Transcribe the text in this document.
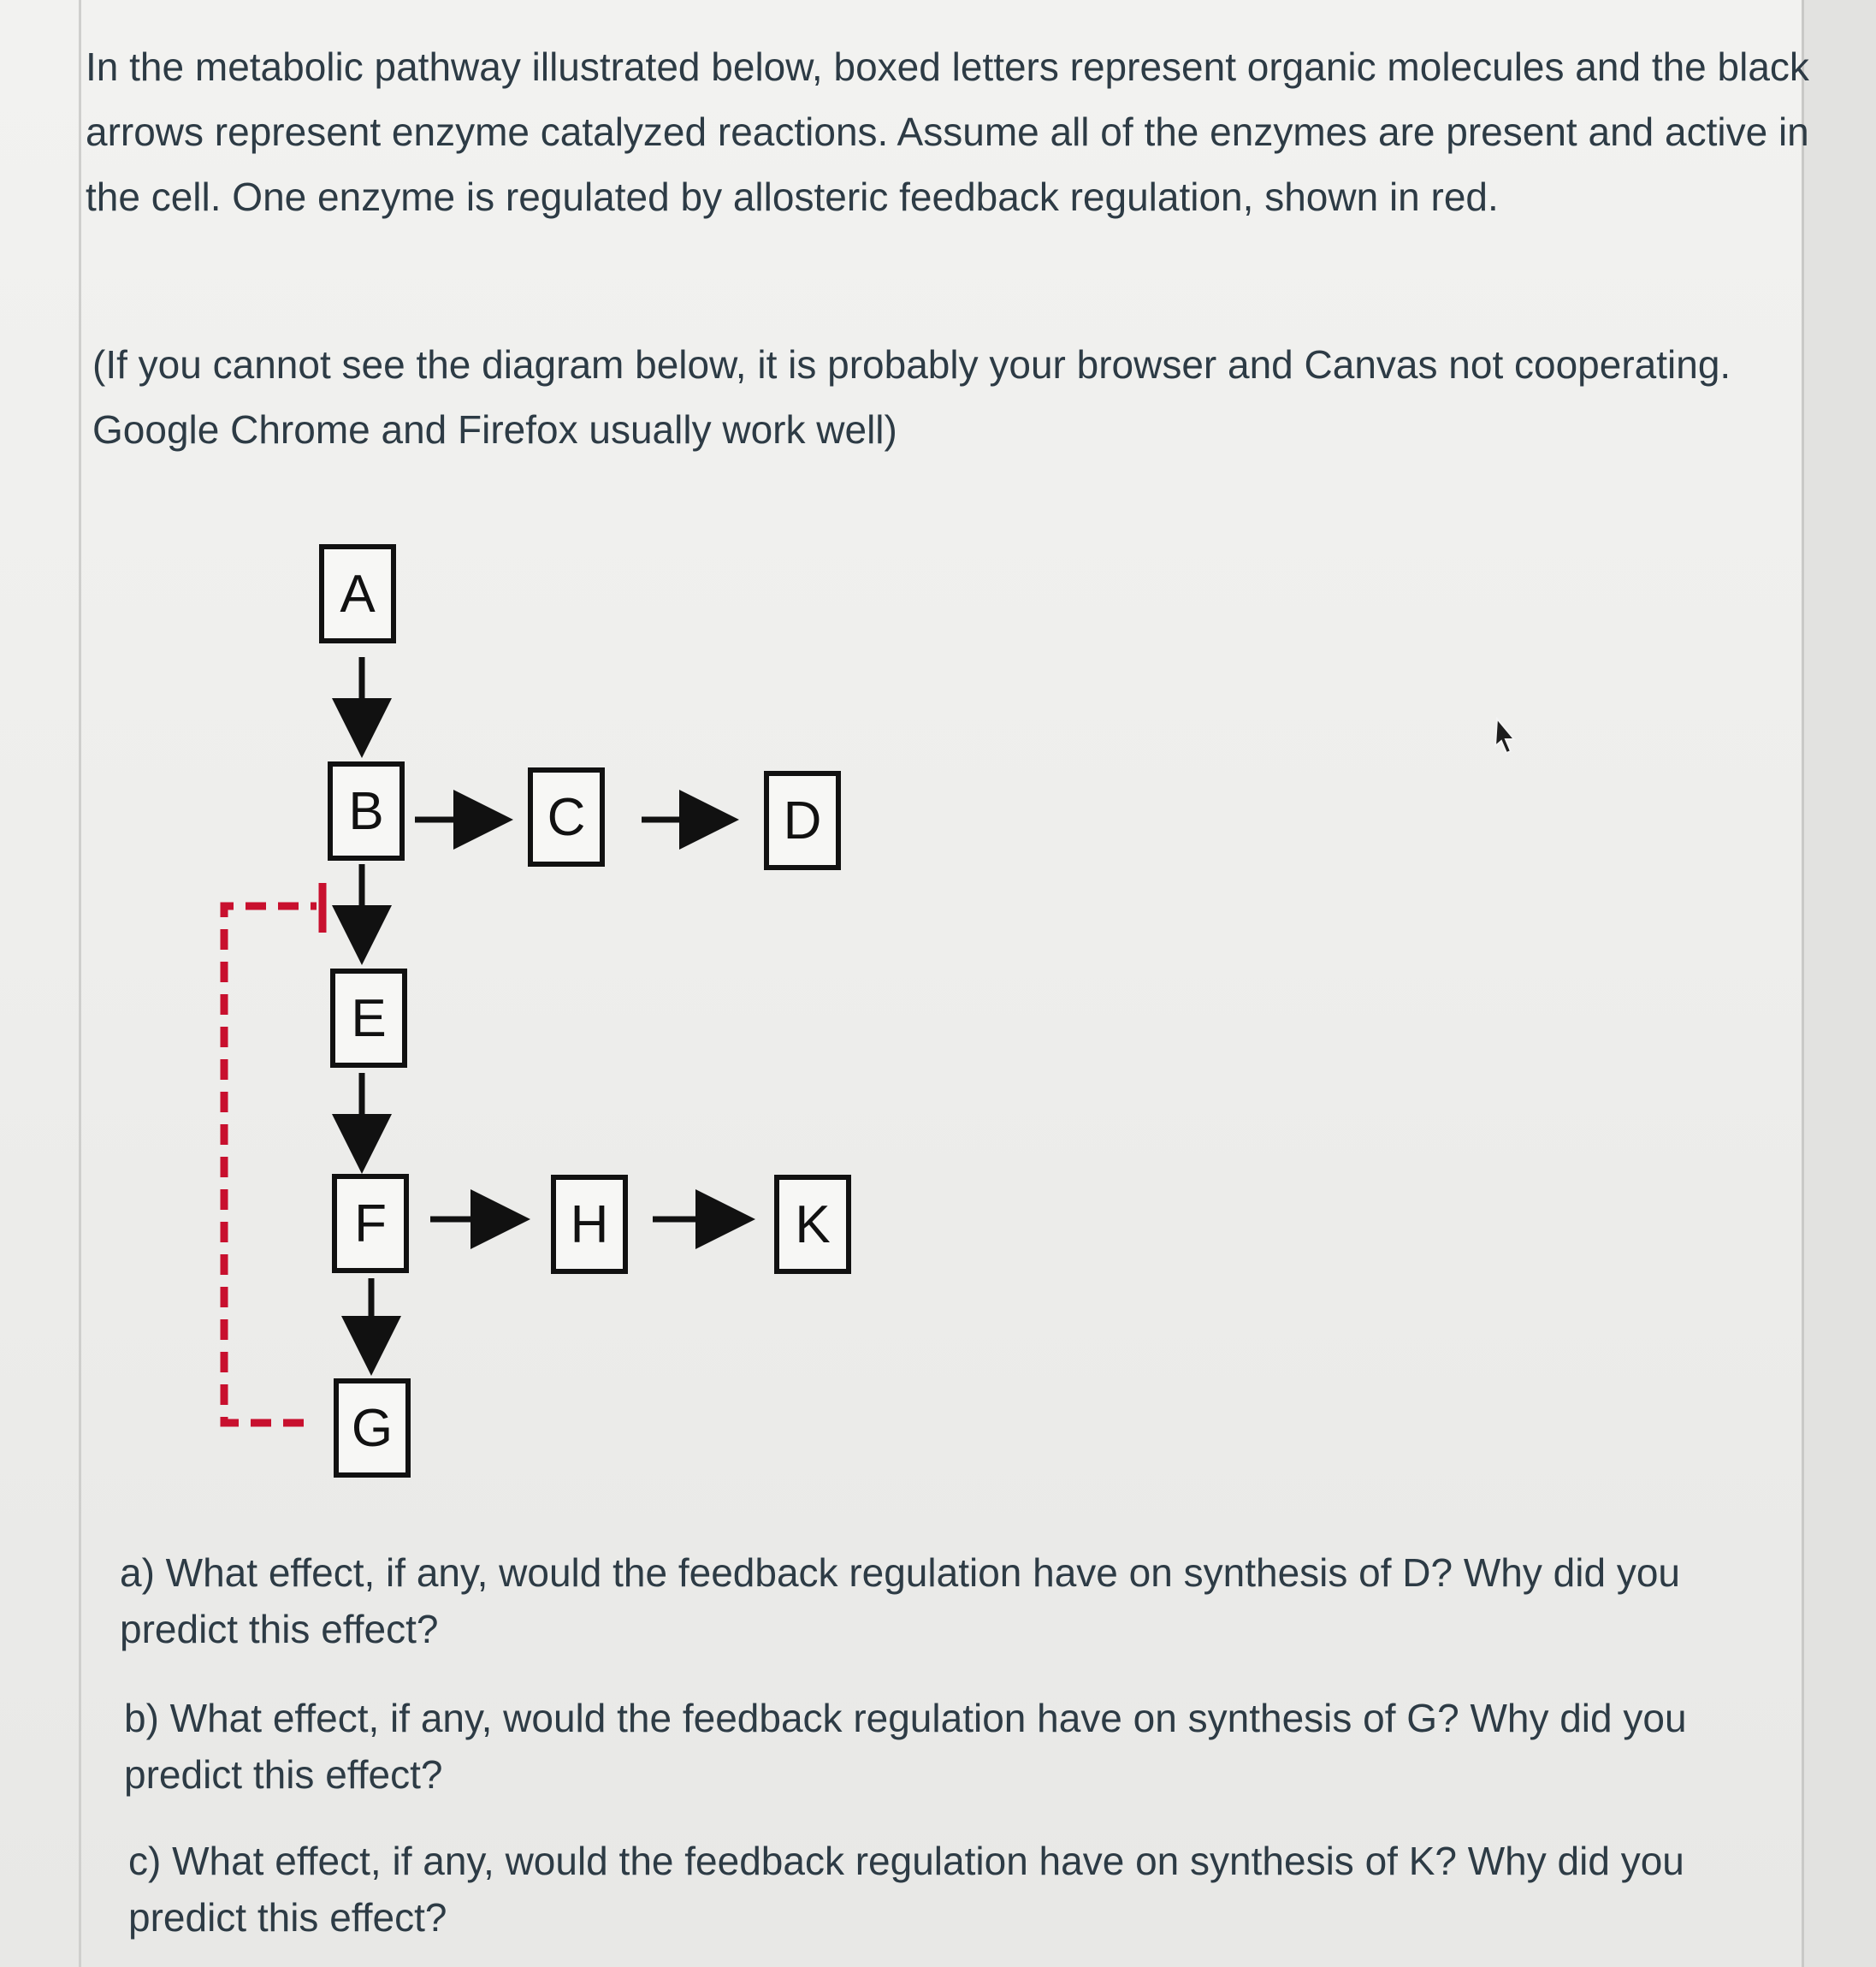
In the metabolic pathway illustrated below, boxed letters represent organic molecules and the black arrows represent enzyme catalyzed reactions. Assume all of the enzymes are present and active in the cell. One enzyme is regulated by allosteric feedback regulation, shown in red.

(If you cannot see the diagram below, it is probably your browser and Canvas not cooperating. Google Chrome and Firefox usually work well)

a) What effect, if any, would the feedback regulation have on synthesis of D? Why did you predict this effect?

b) What effect, if any, would the feedback regulation have on synthesis of G? Why did you predict this effect?

c) What effect, if any, would the feedback regulation have on synthesis of K? Why did you predict this effect?

A
B	C	D
E
F	H	K
G
